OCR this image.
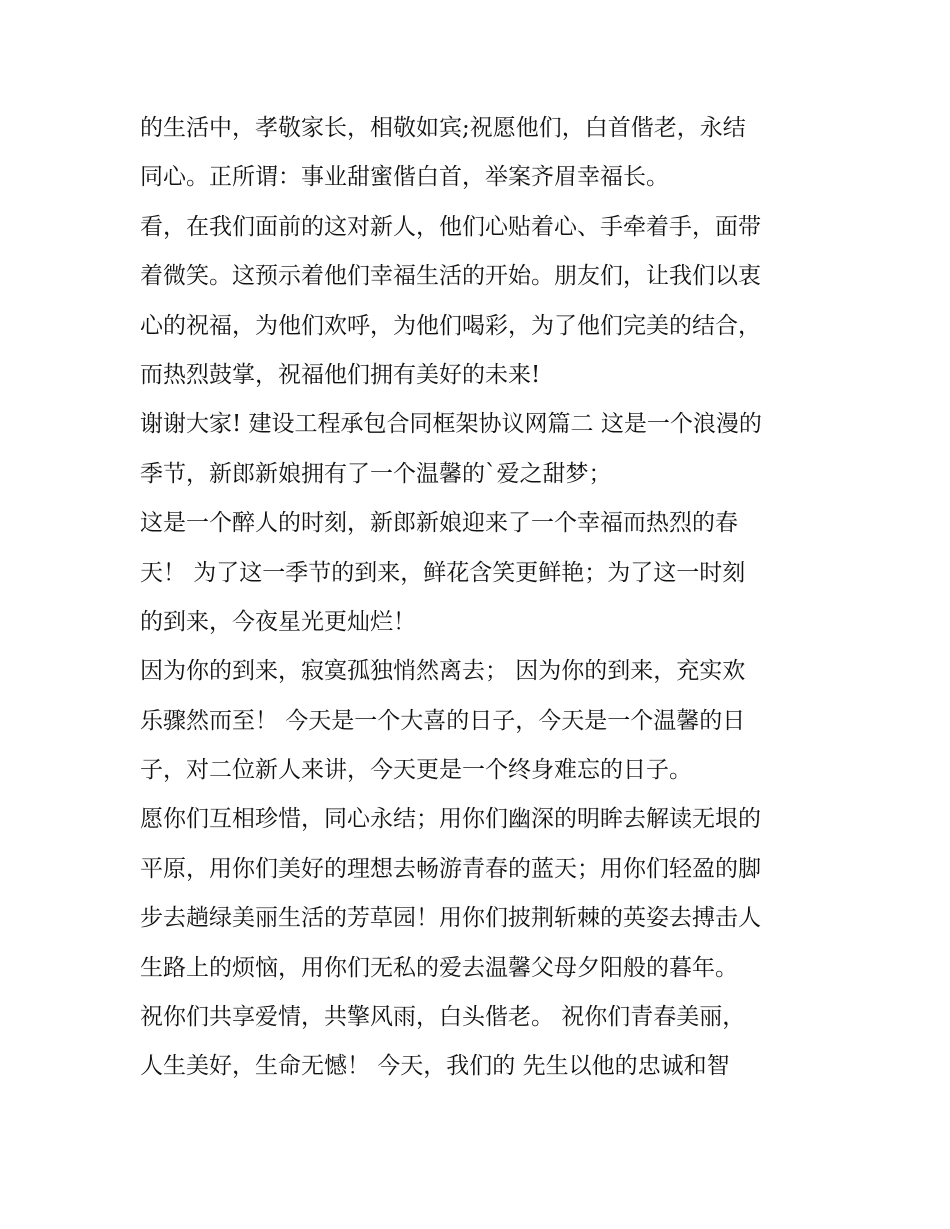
的生活中，孝敬家长，相敬如宾;祝愿他们，白首偕老，永结
同心。正所谓：事业甜蜜偕白首，举案齐眉幸福长。
看，在我们面前的这对新人，他们心贴着心、手牵着手，面带
着微笑。这预示着他们幸福生活的开始。朋友们，让我们以衷
心的祝福，为他们欢呼，为他们喝彩，为了他们完美的结合，
而热烈鼓掌，祝福他们拥有美好的未来!
谢谢大家! 建设工程承包合同框架协议网篇二 这是一个浪漫的
季节，新郎新娘拥有了一个温馨的`爱之甜梦；
这是一个醉人的时刻，新郎新娘迎来了一个幸福而热烈的春
天！ 为了这一季节的到来，鲜花含笑更鲜艳；为了这一时刻
的到来，今夜星光更灿烂！
因为你的到来，寂寞孤独悄然离去； 因为你的到来，充实欢
乐骤然而至！ 今天是一个大喜的日子，今天是一个温馨的日
子，对二位新人来讲，今天更是一个终身难忘的日子。
愿你们互相珍惜，同心永结；用你们幽深的明眸去解读无垠的
平原，用你们美好的理想去畅游青春的蓝天；用你们轻盈的脚
步去趟绿美丽生活的芳草园！用你们披荆斩棘的英姿去搏击人
生路上的烦恼，用你们无私的爱去温馨父母夕阳般的暮年。
祝你们共享爱情，共擎风雨，白头偕老。 祝你们青春美丽，
人生美好，生命无憾！ 今天，我们的 先生以他的忠诚和智
